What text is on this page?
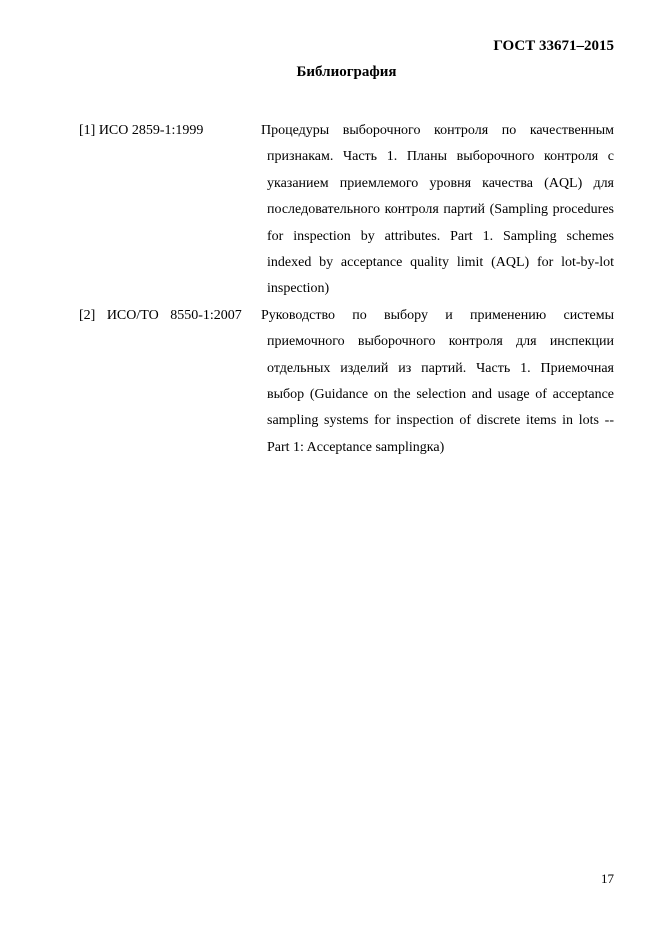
ГОСТ 33671–2015
Библиография
[1] ИСО 2859-1:1999	Процедуры выборочного контроля по качественным признакам. Часть 1. Планы выборочного контроля с указанием приемлемого уровня качества (AQL) для последовательного контроля партий (Sampling procedures for inspection by attributes. Part 1. Sampling schemes indexed by acceptance quality limit (AQL) for lot-by-lot inspection)
[2] ИСО/ТО 8550-1:2007	Руководство по выбору и применению системы приемочного выборочного контроля для инспекции отдельных изделий из партий. Часть 1. Приемочная выбор (Guidance on the selection and usage of acceptance sampling systems for inspection of discrete items in lots -- Part 1: Acceptance samplingка)
17
